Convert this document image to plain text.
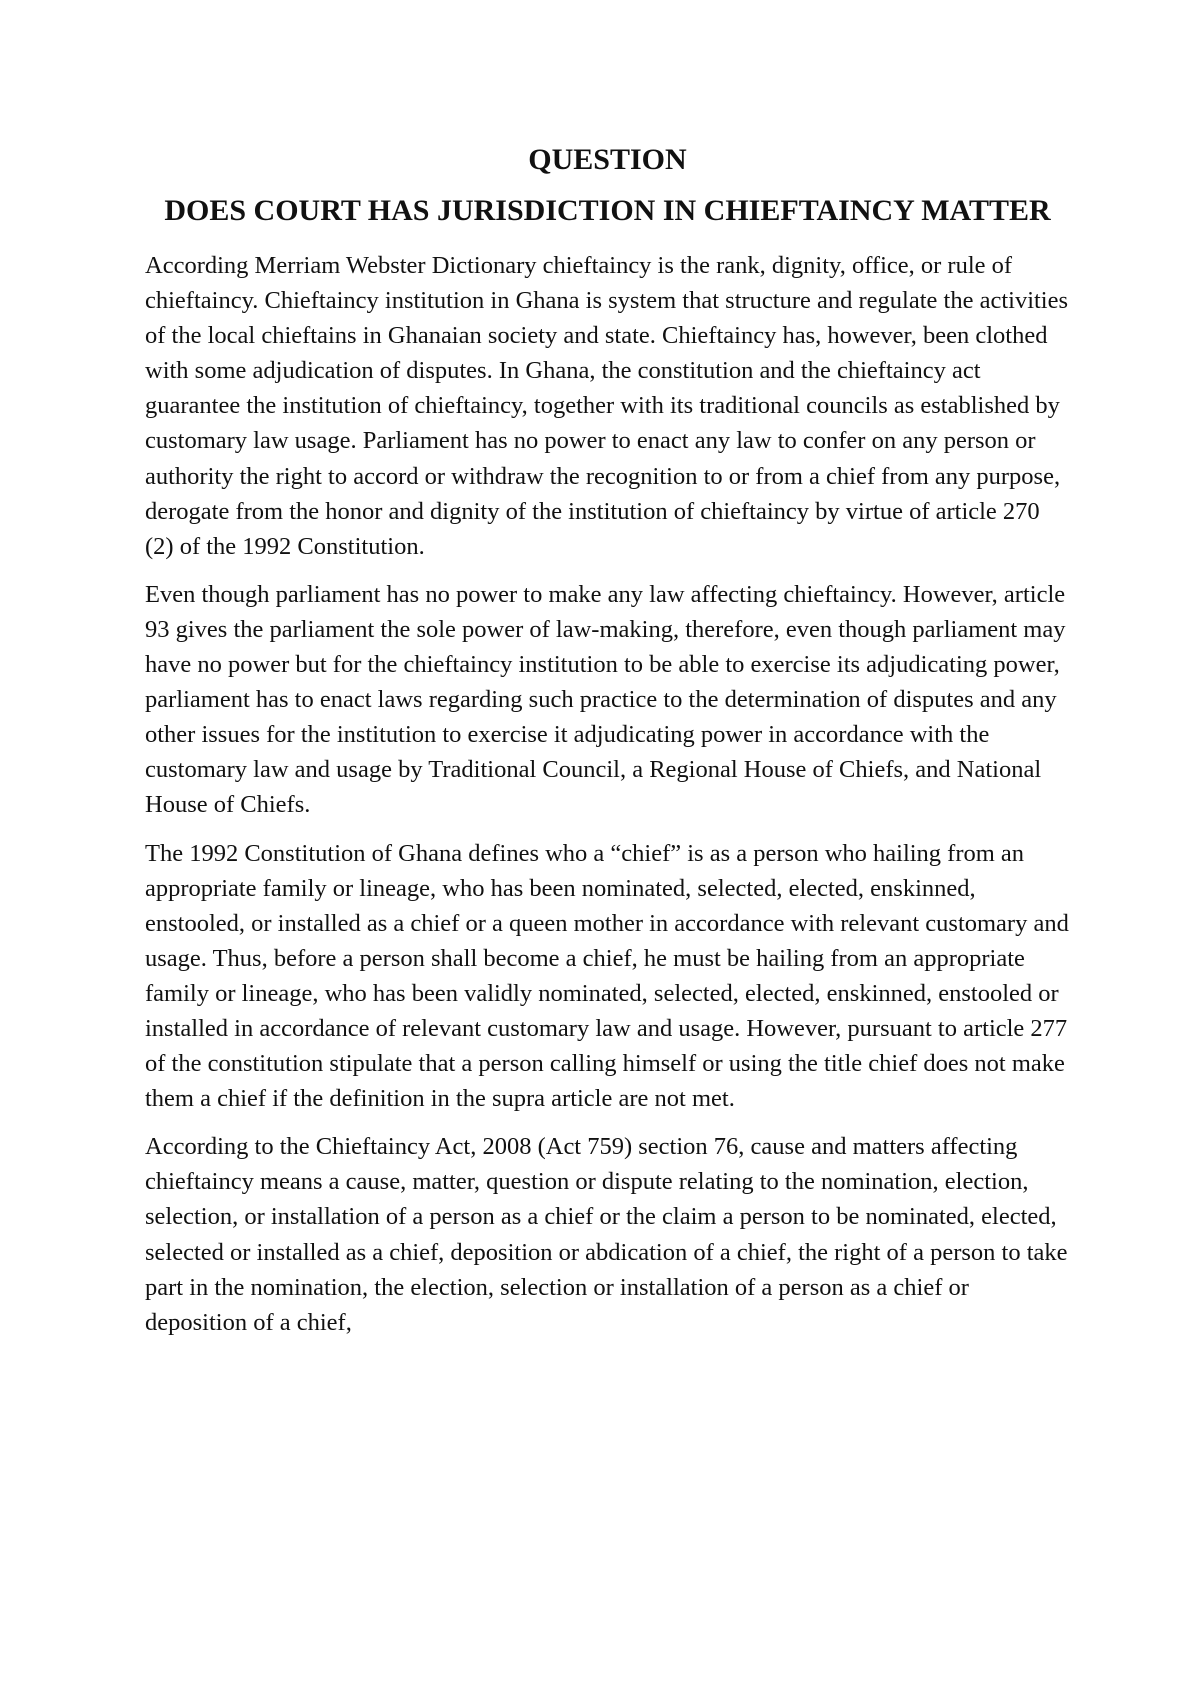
QUESTION
DOES COURT HAS JURISDICTION IN CHIEFTAINCY MATTER

According Merriam Webster Dictionary chieftaincy is the rank, dignity, office, or rule of chieftaincy. Chieftaincy institution in Ghana is system that structure and regulate the activities of the local chieftains in Ghanaian society and state. Chieftaincy has, however, been clothed with some adjudication of disputes. In Ghana, the constitution and the chieftaincy act guarantee the institution of chieftaincy, together with its traditional councils as established by customary law usage. Parliament has no power to enact any law to confer on any person or authority the right to accord or withdraw the recognition to or from a chief from any purpose, derogate from the honor and dignity of the institution of chieftaincy by virtue of article 270 (2) of the 1992 Constitution.

Even though parliament has no power to make any law affecting chieftaincy. However, article 93 gives the parliament the sole power of law-making, therefore, even though parliament may have no power but for the chieftaincy institution to be able to exercise its adjudicating power, parliament has to enact laws regarding such practice to the determination of disputes and any other issues for the institution to exercise it adjudicating power in accordance with the customary law and usage by Traditional Council, a Regional House of Chiefs, and National House of Chiefs.

The 1992 Constitution of Ghana defines who a “chief” is as a person who hailing from an appropriate family or lineage, who has been nominated, selected, elected, enskinned, enstooled, or installed as a chief or a queen mother in accordance with relevant customary and usage. Thus, before a person shall become a chief, he must be hailing from an appropriate family or lineage, who has been validly nominated, selected, elected, enskinned, enstooled or installed in accordance of relevant customary law and usage. However, pursuant to article 277 of the constitution stipulate that a person calling himself or using the title chief does not make them a chief if the definition in the supra article are not met.

According to the Chieftaincy Act, 2008 (Act 759) section 76, cause and matters affecting chieftaincy means a cause, matter, question or dispute relating to the nomination, election, selection, or installation of a person as a chief or the claim a person to be nominated, elected, selected or installed as a chief, deposition or abdication of a chief, the right of a person to take part in the nomination, the election, selection or installation of a person as a chief or deposition of a chief,
